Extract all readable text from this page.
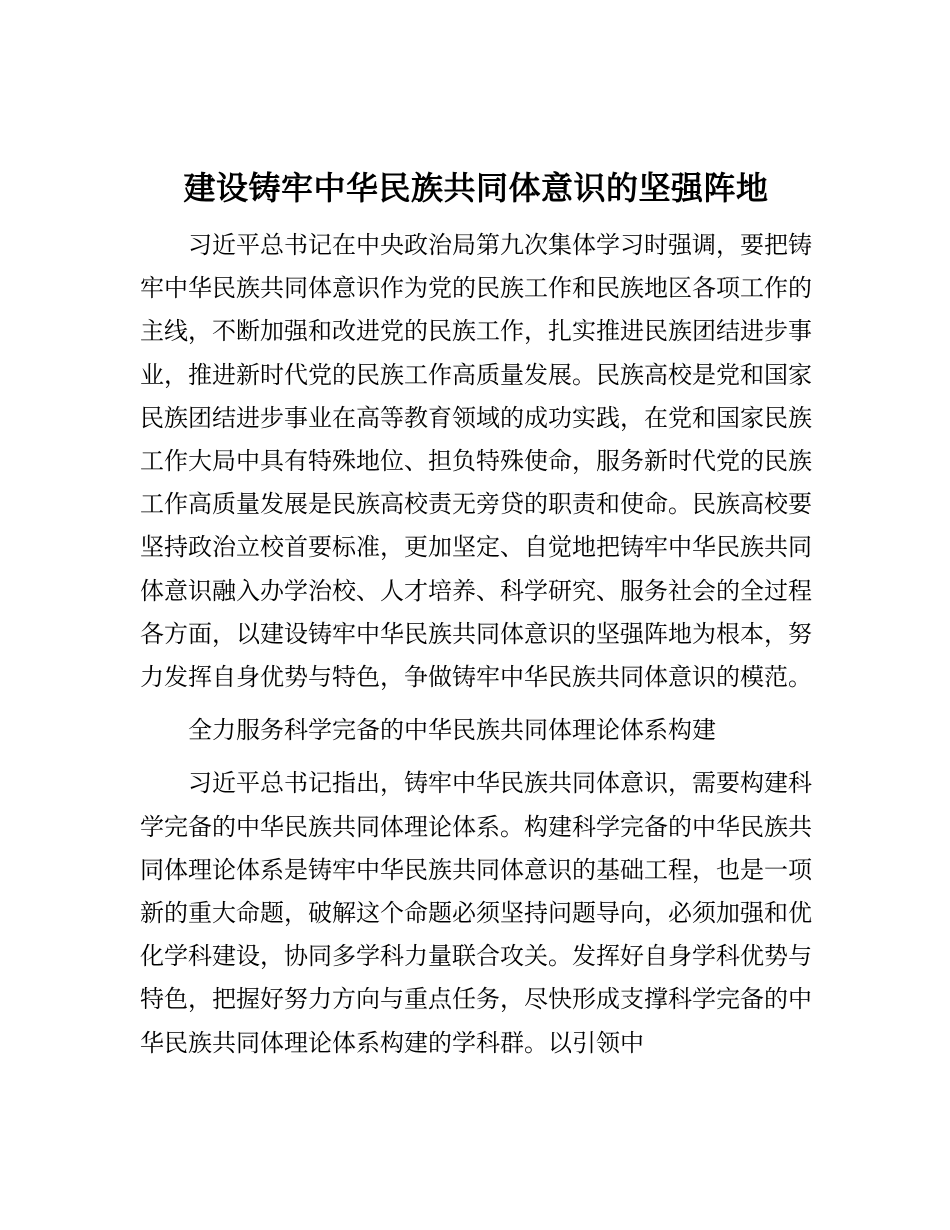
建设铸牢中华民族共同体意识的坚强阵地

习近平总书记在中央政治局第九次集体学习时强调，要把铸牢中华民族共同体意识作为党的民族工作和民族地区各项工作的主线，不断加强和改进党的民族工作，扎实推进民族团结进步事业，推进新时代党的民族工作高质量发展。民族高校是党和国家民族团结进步事业在高等教育领域的成功实践，在党和国家民族工作大局中具有特殊地位、担负特殊使命，服务新时代党的民族工作高质量发展是民族高校责无旁贷的职责和使命。民族高校要坚持政治立校首要标准，更加坚定、自觉地把铸牢中华民族共同体意识融入办学治校、人才培养、科学研究、服务社会的全过程各方面，以建设铸牢中华民族共同体意识的坚强阵地为根本，努力发挥自身优势与特色，争做铸牢中华民族共同体意识的模范。

全力服务科学完备的中华民族共同体理论体系构建

习近平总书记指出，铸牢中华民族共同体意识，需要构建科学完备的中华民族共同体理论体系。构建科学完备的中华民族共同体理论体系是铸牢中华民族共同体意识的基础工程，也是一项新的重大命题，破解这个命题必须坚持问题导向，必须加强和优化学科建设，协同多学科力量联合攻关。发挥好自身学科优势与特色，把握好努力方向与重点任务，尽快形成支撑科学完备的中华民族共同体理论体系构建的学科群。以引领中
